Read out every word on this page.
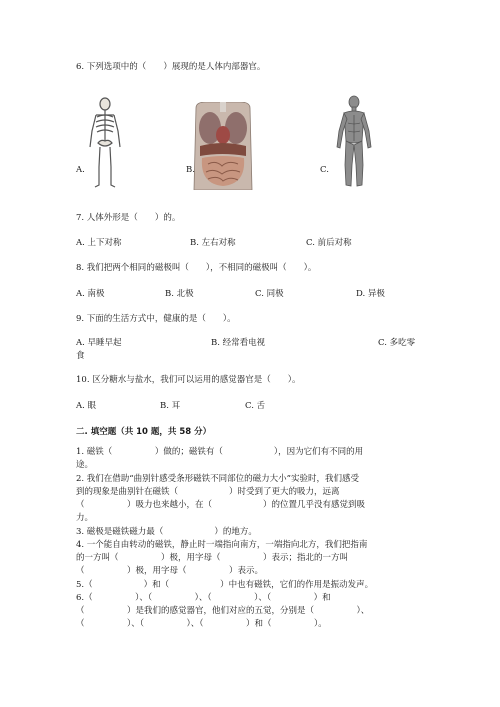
6. 下列选项中的（　　）展现的是人体内部器官。
A.	B.	C.
7. 人体外形是（　　）的。
A. 上下对称	B. 左右对称	C. 前后对称
8. 我们把两个相同的磁极叫（　　），不相同的磁极叫（　　）。
A. 南极	B. 北极	C. 同极	D. 异极
9. 下面的生活方式中，健康的是（　　）。
A. 早睡早起	B. 经常看电视	C. 多吃零
食
10. 区分糖水与盐水，我们可以运用的感觉器官是（　　）。
A. 眼	B. 耳	C. 舌
二. 填空题（共 10 题，共 58 分）
1. 磁铁（　　　　　）做的；磁铁有（　　　　　　），因为它们有不同的用
途。
2. 我们在借助“曲别针感受条形磁铁不同部位的磁力大小”实验时，我们感受
到的现象是曲别针在磁铁（　　　　　　）时受到了更大的吸力，远离
（　　　　　）吸力也来越小，在（　　　　　　）的位置几乎没有感觉到吸
力。
3. 磁极是磁铁磁力最（　　　　　　）的地方。
4. 一个能自由转动的磁铁，静止时一端指向南方，一端指向北方，我们把指南
的一方叫（　　　　　）极，用字母（　　　　　）表示；指北的一方叫
（　　　　　）极，用字母（　　　　　）表示。
5.（　　　　　　）和（　　　　　　）中也有磁铁，它们的作用是振动发声。
6.（　　　　　）、（　　　　　）、（　　　　　）、（　　　　　）和
（　　　　　）是我们的感觉器官，他们对应的五觉，分别是（　　　　　）、
（　　　　　）、（　　　　　）、（　　　　　）和（　　　　　）。
